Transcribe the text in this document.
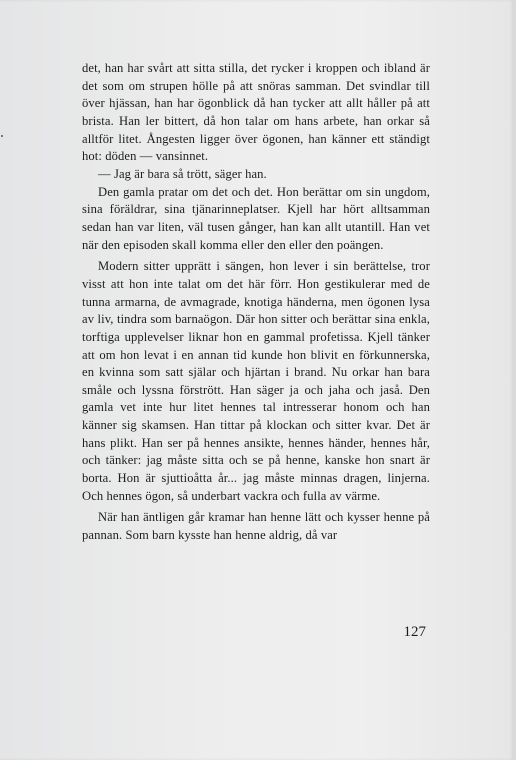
det, han har svårt att sitta stilla, det rycker i kroppen och ibland är det som om strupen hölle på att snöras samman. Det svindlar till över hjässan, han har ögonblick då han tycker att allt håller på att brista. Han ler bittert, då hon talar om hans arbete, han orkar så alltför litet. Ångesten ligger över ögonen, han känner ett ständigt hot: döden — vansinnet.

— Jag är bara så trött, säger han.

Den gamla pratar om det och det. Hon berättar om sin ungdom, sina föräldrar, sina tjänarinneplatser. Kjell har hört alltsamman sedan han var liten, väl tusen gånger, han kan allt utantill. Han vet när den episoden skall komma eller den eller den poängen.

Modern sitter upprätt i sängen, hon lever i sin berättelse, tror visst att hon inte talat om det här förr. Hon gestikulerar med de tunna armarna, de avmagrade, knotiga händerna, men ögonen lysa av liv, tindra som barnaögon. Där hon sitter och berättar sina enkla, torftiga upplevelser liknar hon en gammal profetissa. Kjell tänker att om hon levat i en annan tid kunde hon blivit en förkunnerska, en kvinna som satt själar och hjärtan i brand. Nu orkar han bara småle och lyssna förstrött. Han säger ja och jaha och jaså. Den gamla vet inte hur litet hennes tal intresserar honom och han känner sig skamsen. Han tittar på klockan och sitter kvar. Det är hans plikt. Han ser på hennes ansikte, hennes händer, hennes hår, och tänker: jag måste sitta och se på henne, kanske hon snart är borta. Hon är sjuttioåtta år... jag måste minnas dragen, linjerna. Och hennes ögon, så underbart vackra och fulla av värme.

När han äntligen går kramar han henne lätt och kysser henne på pannan. Som barn kysste han henne aldrig, då var

127
